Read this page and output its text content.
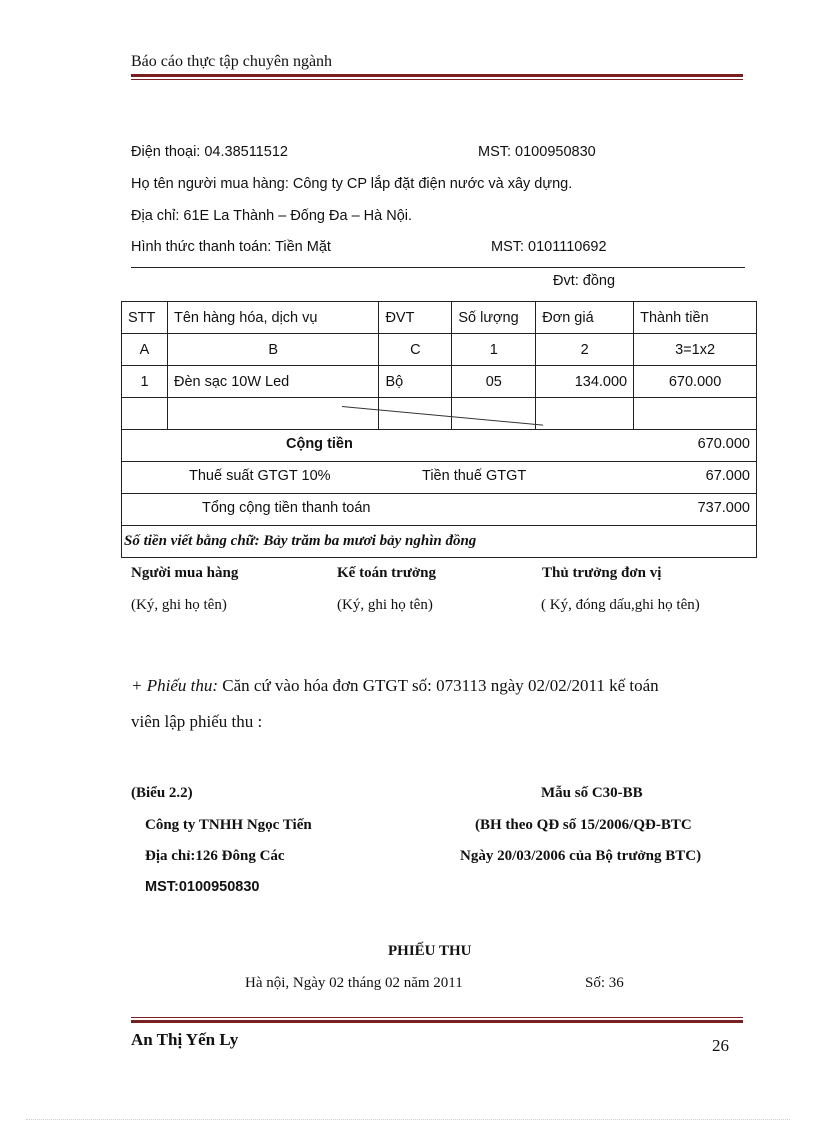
Báo cáo thực tập chuyên ngành
Điện thoại: 04.38511512	MST: 0100950830
Họ tên người mua hàng: Công ty CP lắp đặt điện nước và xây dựng.
Địa chỉ: 61E La Thành – Đống Đa – Hà Nội.
Hình thức thanh toán: Tiền Mặt	MST: 0101110692
Đvt: đồng
STT	Tên hàng hóa, dịch vụ	ĐVT	Số lượng	Đơn giá	Thành tiền
A	B	C	1	2	3=1x2
1	Đèn sạc 10W Led	Bộ	05	134.000	670.000

Cộng tiền 670.000					

Thuế suất GTGT 10% Tiền thuế GTGT 67.000					

Tổng cộng tiền thanh toán 737.000					

Số tiền viết bằng chữ: Bảy trăm ba mươi bảy nghìn đồng					
Người mua hàng	Kế toán trưởng	Thủ trưởng đơn vị
(Ký, ghi họ tên)	(Ký, ghi họ tên)	( Ký, đóng dấu,ghi họ tên)
+ Phiếu thu: Căn cứ vào hóa đơn GTGT số: 073113 ngày 02/02/2011 kế toán
viên lập phiếu thu :
(Biểu 2.2)	Mẫu số C30-BB
Công ty TNHH Ngọc Tiến	(BH theo QĐ số 15/2006/QĐ-BTC
Địa chỉ:126 Đông Các	Ngày 20/03/2006 của Bộ trưởng BTC)
MST:0100950830
PHIẾU THU
Hà nội, Ngày 02 tháng 02 năm 2011	Số: 36
An Thị Yến Ly	26
